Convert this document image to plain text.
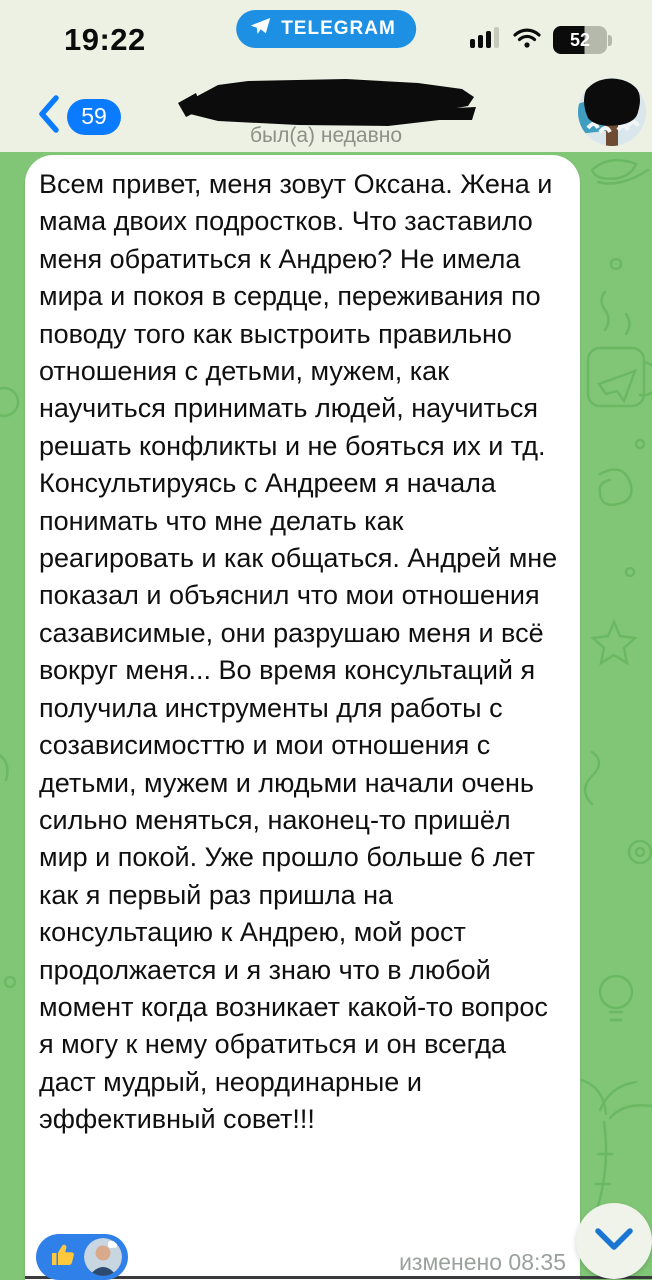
19:22	TELEGRAM
52
59
был(а) недавно
Всем привет, меня зовут Оксана. Жена и мама двоих подростков. Что заставило меня обратиться к Андрею? Не имела мира и покоя в сердце, переживания по поводу того как выстроить правильно отношения с детьми, мужем, как научиться принимать людей, научиться решать конфликты и не бояться их и тд. Консультируясь с Андреем я начала понимать что мне делать как реагировать и как общаться. Андрей мне показал и объяснил что мои отношения сазависимые, они разрушаю меня и всё вокруг меня... Во время консультаций я получила инструменты для работы с созависимосттю и мои отношения с детьми, мужем и людьми начали очень сильно меняться, наконец-то пришёл мир и покой. Уже прошло больше 6 лет как я первый раз пришла на консультацию к Андрею, мой рост продолжается и я знаю что в любой момент когда возникает какой-то вопрос я могу к нему обратиться и он всегда даст мудрый, неординарные и эффективный совет!!!
изменено 08:35
